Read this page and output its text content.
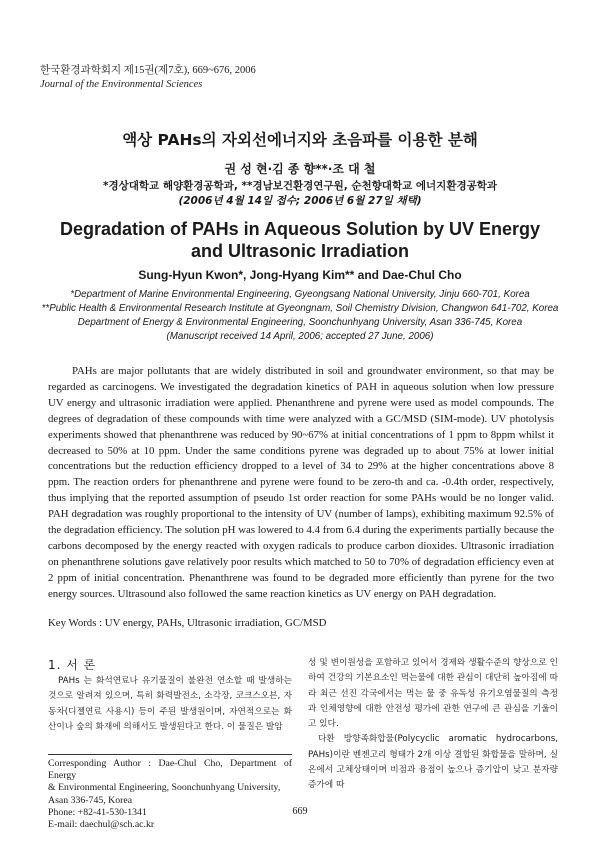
한국환경과학회지 제15권(제7호), 669~676, 2006
Journal of the Environmental Sciences
액상 PAHs의 자외선에너지와 초음파를 이용한 분해
권 성 현·김 종 향**·조 대 철
*경상대학교 해양환경공학과, **경남보건환경연구원, 순천향대학교 에너지환경공학과
(2006년 4월 14일 접수; 2006년 6월 27일 채택)
Degradation of PAHs in Aqueous Solution by UV Energy
and Ultrasonic Irradiation
Sung-Hyun Kwon*, Jong-Hyang Kim** and Dae-Chul Cho
*Department of Marine Environmental Engineering, Gyeongsang National University, Jinju 660-701, Korea
**Public Health & Environmental Research Institute at Gyeongnam, Soil Chemistry Division, Changwon 641-702, Korea
Department of Energy & Environmental Engineering, Soonchunhyang University, Asan 336-745, Korea
(Manuscript received 14 April, 2006; accepted 27 June, 2006)
PAHs are major pollutants that are widely distributed in soil and groundwater environment, so that may be regarded as carcinogens. We investigated the degradation kinetics of PAH in aqueous solution when low pressure UV energy and ultrasonic irradiation were applied. Phenanthrene and pyrene were used as model compounds. The degrees of degradation of these compounds with time were analyzed with a GC/MSD (SIM-mode). UV photolysis experiments showed that phenanthrene was reduced by 90~67% at initial concentrations of 1 ppm to 8ppm whilst it decreased to 50% at 10 ppm. Under the same conditions pyrene was degraded up to about 75% at lower initial concentrations but the reduction efficiency dropped to a level of 34 to 29% at the higher concentrations above 8 ppm. The reaction orders for phenanthrene and pyrene were found to be zero-th and ca. -0.4th order, respectively, thus implying that the reported assumption of pseudo 1st order reaction for some PAHs would be no longer valid. PAH degradation was roughly proportional to the intensity of UV (number of lamps), exhibiting maximum 92.5% of the degradation efficiency. The solution pH was lowered to 4.4 from 6.4 during the experiments partially because the carbons decomposed by the energy reacted with oxygen radicals to produce carbon dioxides. Ultrasonic irradiation on phenanthrene solutions gave relatively poor results which matched to 50 to 70% of degradation efficiency even at 2 ppm of initial concentration. Phenanthrene was found to be degraded more efficiently than pyrene for the two energy sources. Ultrasound also followed the same reaction kinetics as UV energy on PAH degradation.
Key Words : UV energy, PAHs, Ultrasonic irradiation, GC/MSD
1. 서 론
PAHs 는 화석연료나 유기물질이 불완전 연소할 때 발생하는 것으로 알려져 있으며, 특히 화력발전소, 소각장, 코크스오븐, 자동차(디젤연료 사용시) 등이 주된 발생원이며, 자연적으로는 화산이나 숲의 화재에 의해서도 발생된다고 한다. 이 물질은 발암

성 및 변이원성을 포함하고 있어서 경제와 생활수준의 향상으로 인하여 건강의 기본요소인 먹는물에 대한 관심이 대단히 높아짐에 따라 최근 선진 각국에서는 먹는 물 중 유독성 유기오염물질의 측정과 인체영향에 대한 안전성 평가에 관한 연구에 큰 관심을 기울이고 있다.

다환 방향족화합물(Polycyclic aromatic hydrocarbons, PAHs)이란 벤젠고리 형태가 2개 이상 결합된 화합물을 말하며, 실온에서 고체상태이며 비점과 융점이 높으나 증기압이 낮고 분자량증가에 따

Corresponding Author : Dae-Chul Cho, Department of Energy
& Environmental Engineering, Soonchunhyang University,
Asan 336-745, Korea
Phone: +82-41-530-1341
E-mail: daechul@sch.ac.kr
669
